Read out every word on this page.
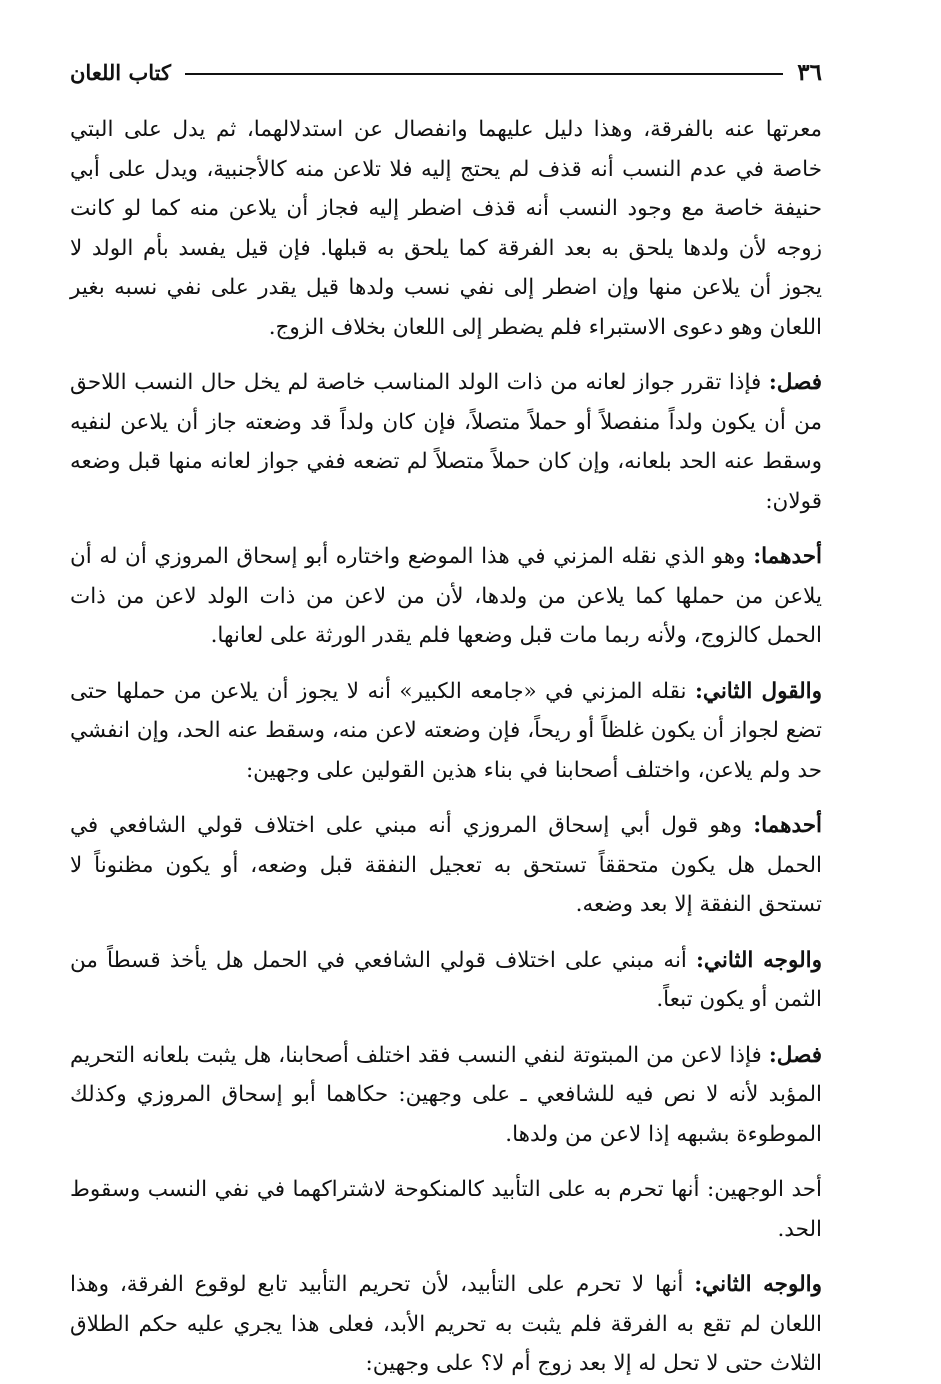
٣٦
كتاب اللعان

معرتها عنه بالفرقة، وهذا دليل عليهما وانفصال عن استدلالهما، ثم يدل على البتي خاصة في عدم النسب أنه قذف لم يحتج إليه فلا تلاعن منه كالأجنبية، ويدل على أبي حنيفة خاصة مع وجود النسب أنه قذف اضطر إليه فجاز أن يلاعن منه كما لو كانت زوجه لأن ولدها يلحق به بعد الفرقة كما يلحق به قبلها. فإن قيل يفسد بأم الولد لا يجوز أن يلاعن منها وإن اضطر إلى نفي نسب ولدها قيل يقدر على نفي نسبه بغير اللعان وهو دعوى الاستبراء فلم يضطر إلى اللعان بخلاف الزوج.

فصل: فإذا تقرر جواز لعانه من ذات الولد المناسب خاصة لم يخل حال النسب اللاحق من أن يكون ولداً منفصلاً أو حملاً متصلاً، فإن كان ولداً قد وضعته جاز أن يلاعن لنفيه وسقط عنه الحد بلعانه، وإن كان حملاً متصلاً لم تضعه ففي جواز لعانه منها قبل وضعه قولان:

أحدهما: وهو الذي نقله المزني في هذا الموضع واختاره أبو إسحاق المروزي أن له أن يلاعن من حملها كما يلاعن من ولدها، لأن من لاعن من ذات الولد لاعن من ذات الحمل كالزوج، ولأنه ربما مات قبل وضعها فلم يقدر الورثة على لعانها.

والقول الثاني: نقله المزني في «جامعه الكبير» أنه لا يجوز أن يلاعن من حملها حتى تضع لجواز أن يكون غلظاً أو ريحاً، فإن وضعته لاعن منه، وسقط عنه الحد، وإن انفشي حد ولم يلاعن، واختلف أصحابنا في بناء هذين القولين على وجهين:

أحدهما: وهو قول أبي إسحاق المروزي أنه مبني على اختلاف قولي الشافعي في الحمل هل يكون متحققاً تستحق به تعجيل النفقة قبل وضعه، أو يكون مظنوناً لا تستحق النفقة إلا بعد وضعه.

والوجه الثاني: أنه مبني على اختلاف قولي الشافعي في الحمل هل يأخذ قسطاً من الثمن أو يكون تبعاً.

فصل: فإذا لاعن من المبتوتة لنفي النسب فقد اختلف أصحابنا، هل يثبت بلعانه التحريم المؤبد لأنه لا نص فيه للشافعي ـ على وجهين: حكاهما أبو إسحاق المروزي وكذلك الموطوءة بشبهه إذا لاعن من ولدها.

أحد الوجهين: أنها تحرم به على التأبيد كالمنكوحة لاشتراكهما في نفي النسب وسقوط الحد.

والوجه الثاني: أنها لا تحرم على التأبيد، لأن تحريم التأبيد تابع لوقوع الفرقة، وهذا اللعان لم تقع به الفرقة فلم يثبت به تحريم الأبد، فعلى هذا يجري عليه حكم الطلاق الثلاث حتى لا تحل له إلا بعد زوج أم لا؟ على وجهين:
